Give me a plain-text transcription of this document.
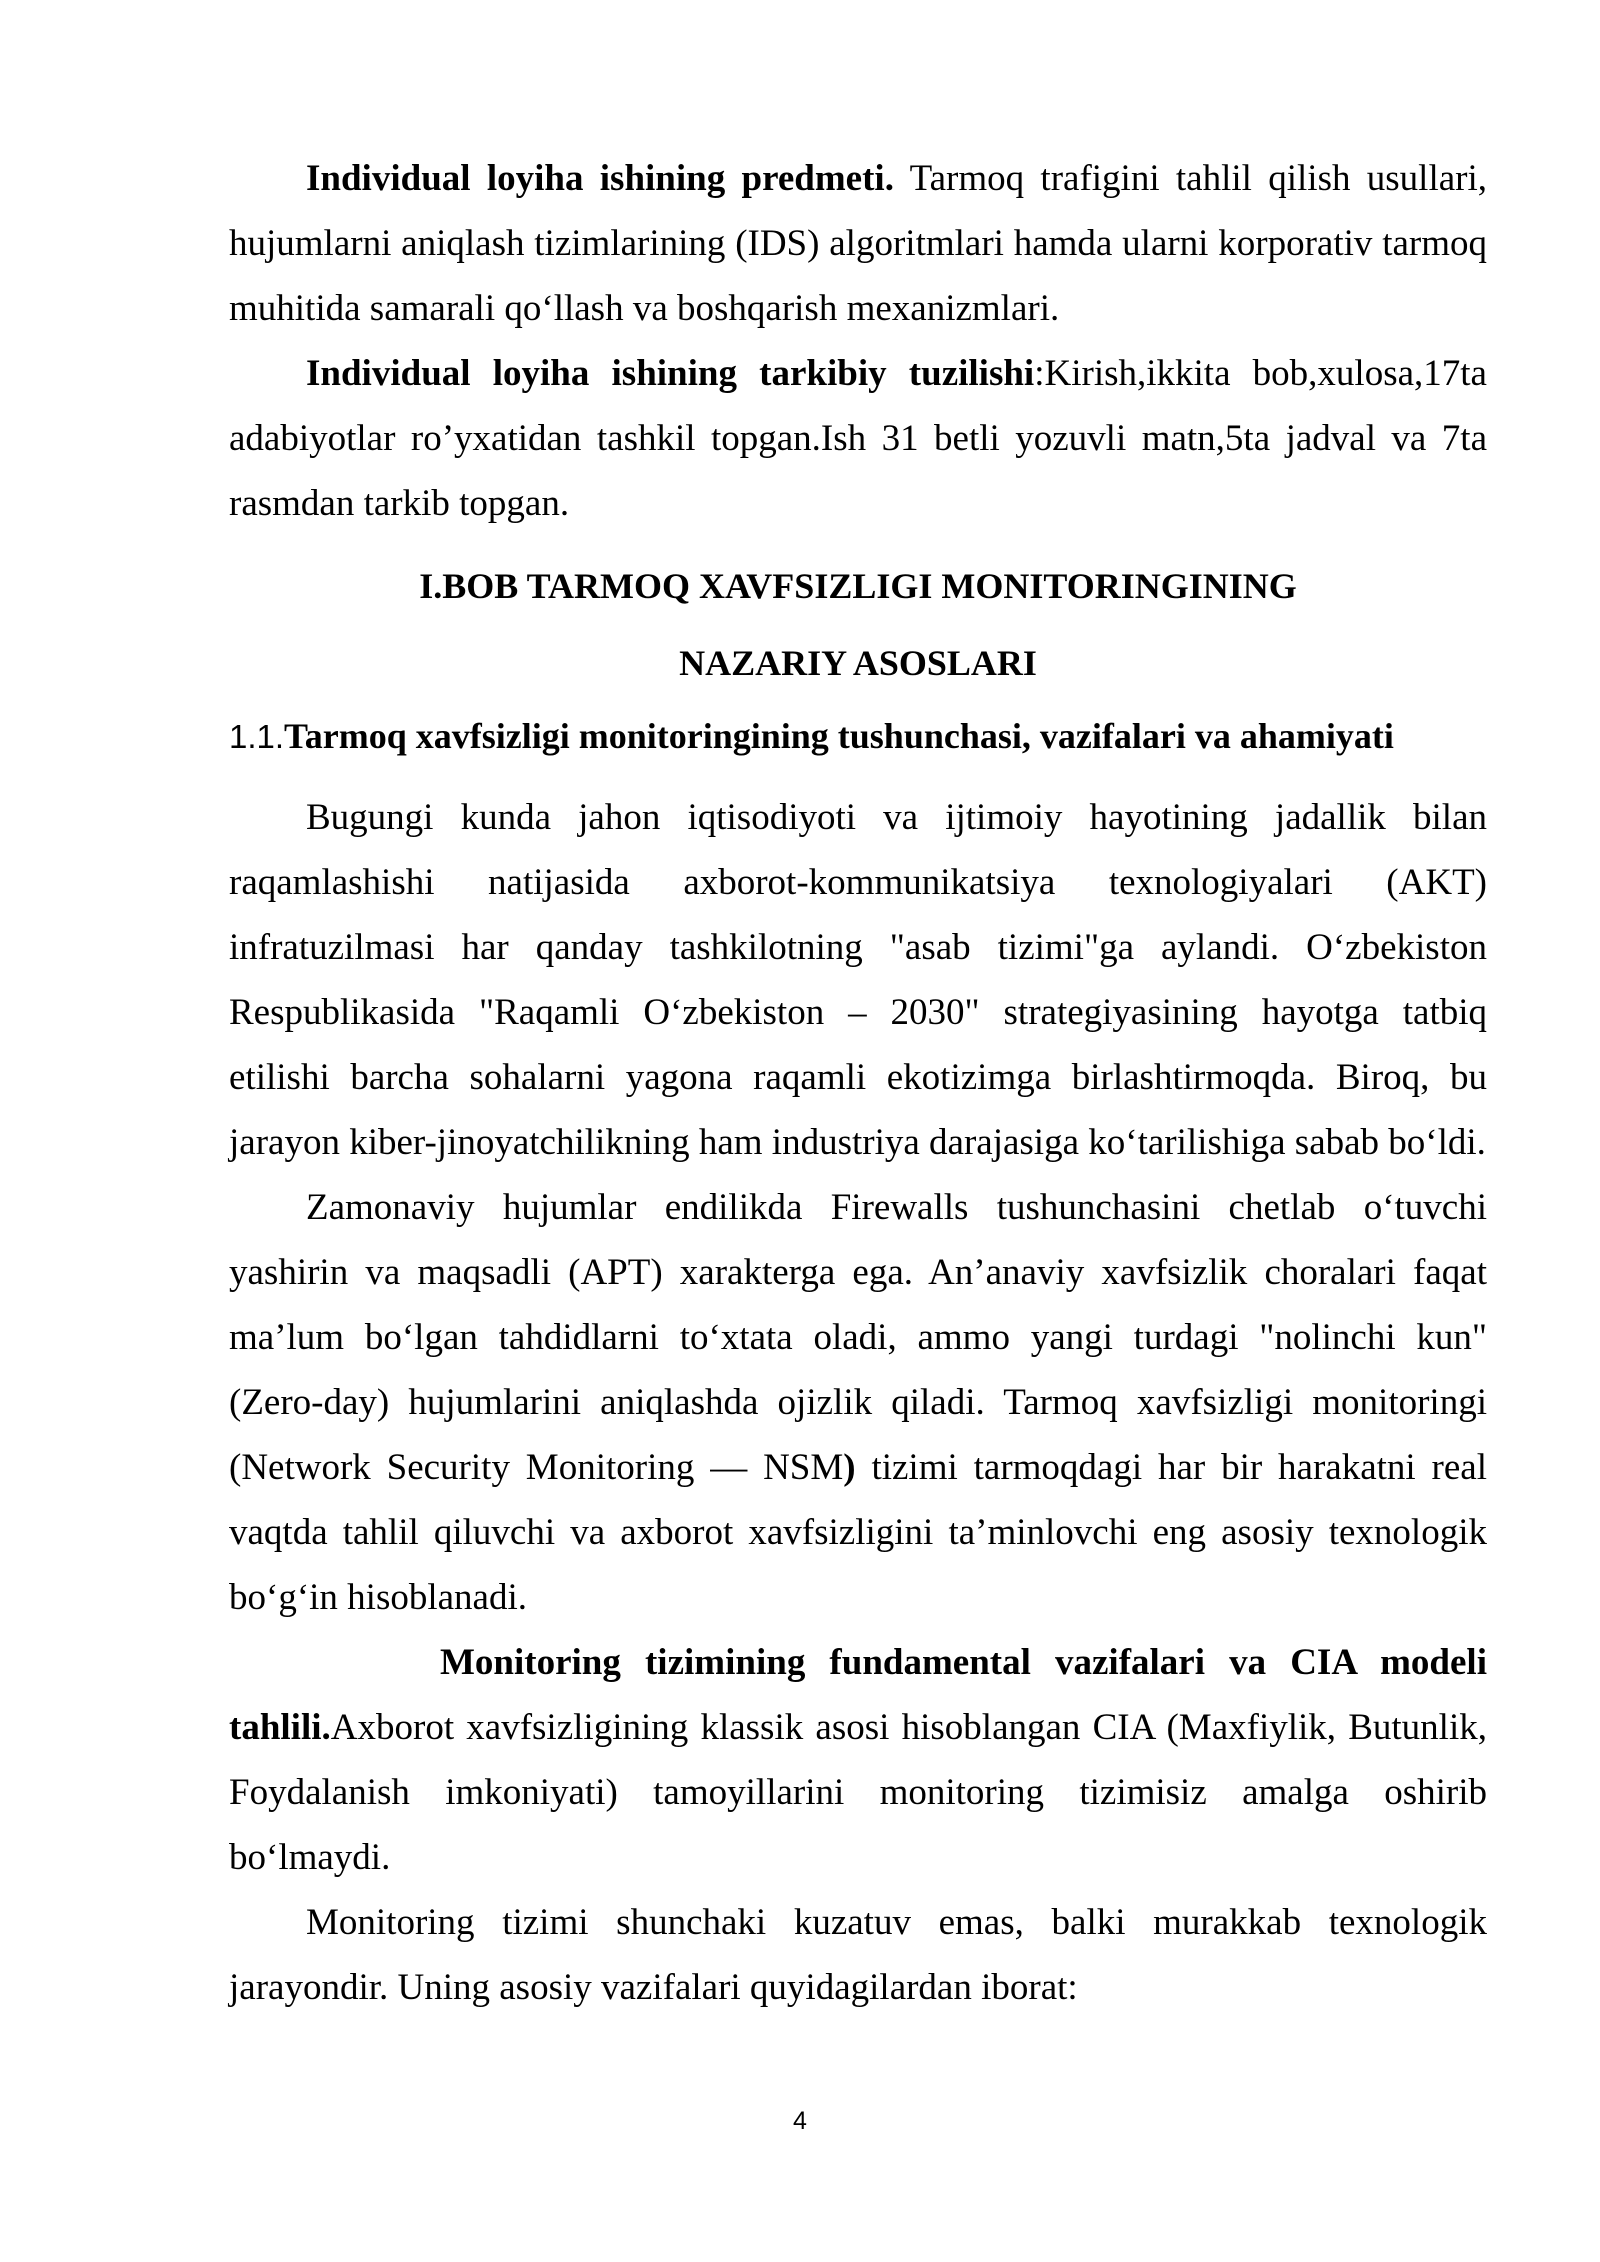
Individual loyiha ishining predmeti. Tarmoq trafigini tahlil qilish usullari, hujumlarni aniqlash tizimlarining (IDS) algoritmlari hamda ularni korporativ tarmoq muhitida samarali qo‘llash va boshqarish mexanizmlari.

Individual loyiha ishining tarkibiy tuzilishi:Kirish,ikkita bob,xulosa,17ta adabiyotlar ro’yxatidan tashkil topgan.Ish 31 betli yozuvli matn,5ta jadval va 7ta rasmdan tarkib topgan.

I.BOB TARMOQ XAVFSIZLIGI MONITORINGINING
NAZARIY ASOSLARI
1.1.Tarmoq xavfsizligi monitoringining tushunchasi, vazifalari va ahamiyati

Bugungi kunda jahon iqtisodiyoti va ijtimoiy hayotining jadallik bilan raqamlashishi natijasida axborot-kommunikatsiya texnologiyalari (AKT) infratuzilmasi har qanday tashkilotning "asab tizimi"ga aylandi. O‘zbekiston Respublikasida "Raqamli O‘zbekiston – 2030" strategiyasining hayotga tatbiq etilishi barcha sohalarni yagona raqamli ekotizimga birlashtirmoqda. Biroq, bu jarayon kiber-jinoyatchilikning ham industriya darajasiga ko‘tarilishiga sabab bo‘ldi.

Zamonaviy hujumlar endilikda Firewalls tushunchasini chetlab o‘tuvchi yashirin va maqsadli (APT) xarakterga ega. An’anaviy xavfsizlik choralari faqat ma’lum bo‘lgan tahdidlarni to‘xtata oladi, ammo yangi turdagi "nolinchi kun" (Zero-day) hujumlarini aniqlashda ojizlik qiladi. Tarmoq xavfsizligi monitoringi (Network Security Monitoring — NSM) tizimi tarmoqdagi har bir harakatni real vaqtda tahlil qiluvchi va axborot xavfsizligini ta’minlovchi eng asosiy texnologik bo‘g‘in hisoblanadi.

Monitoring tizimining fundamental vazifalari va CIA modeli tahlili.Axborot xavfsizligining klassik asosi hisoblangan CIA (Maxfiylik, Butunlik, Foydalanish imkoniyati) tamoyillarini monitoring tizimisiz amalga oshirib bo‘lmaydi.

Monitoring tizimi shunchaki kuzatuv emas, balki murakkab texnologik jarayondir. Uning asosiy vazifalari quyidagilardan iborat:

4
